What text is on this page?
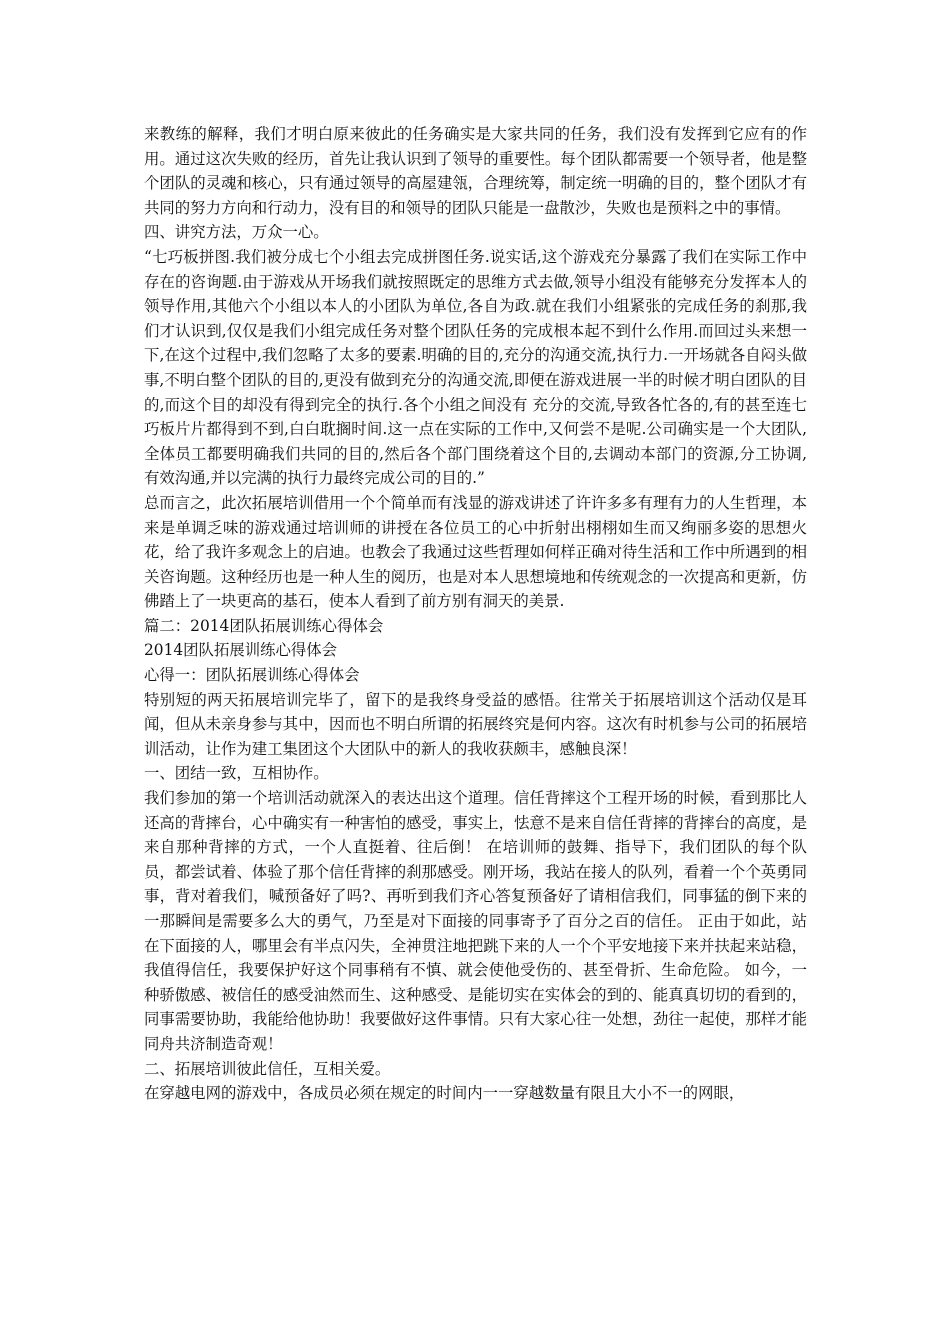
来教练的解释，我们才明白原来彼此的任务确实是大家共同的任务，我们没有发挥到它应有的作用。通过这次失败的经历，首先让我认识到了领导的重要性。每个团队都需要一个领导者，他是整个团队的灵魂和核心，只有通过领导的高屋建瓴，合理统筹，制定统一明确的目的，整个团队才有共同的努力方向和行动力，没有目的和领导的团队只能是一盘散沙，失败也是预料之中的事情。

四、讲究方法，万众一心。

“七巧板拼图.我们被分成七个小组去完成拼图任务.说实话,这个游戏充分暴露了我们在实际工作中存在的咨询题.由于游戏从开场我们就按照既定的思维方式去做,领导小组没有能够充分发挥本人的领导作用,其他六个小组以本人的小团队为单位,各自为政.就在我们小组紧张的完成任务的刹那,我们才认识到,仅仅是我们小组完成任务对整个团队任务的完成根本起不到什么作用.而回过头来想一下,在这个过程中,我们忽略了太多的要素.明确的目的,充分的沟通交流,执行力.一开场就各自闷头做事,不明白整个团队的目的,更没有做到充分的沟通交流,即便在游戏进展一半的时候才明白团队的目的,而这个目的却没有得到完全的执行.各个小组之间没有 充分的交流,导致各忙各的,有的甚至连七巧板片片都得到不到,白白耽搁时间.这一点在实际的工作中,又何尝不是呢.公司确实是一个大团队,全体员工都要明确我们共同的目的,然后各个部门围绕着这个目的,去调动本部门的资源,分工协调,有效沟通,并以完满的执行力最终完成公司的目的.”

总而言之，此次拓展培训借用一个个简单而有浅显的游戏讲述了许许多多有理有力的人生哲理，本来是单调乏味的游戏通过培训师的讲授在各位员工的心中折射出栩栩如生而又绚丽多姿的思想火花，给了我许多观念上的启迪。也教会了我通过这些哲理如何样正确对待生活和工作中所遇到的相关咨询题。这种经历也是一种人生的阅历，也是对本人思想境地和传统观念的一次提高和更新，仿佛踏上了一块更高的基石，使本人看到了前方别有洞天的美景.

篇二：2014团队拓展训练心得体会

2014团队拓展训练心得体会

心得一：团队拓展训练心得体会

特别短的两天拓展培训完毕了，留下的是我终身受益的感悟。往常关于拓展培训这个活动仅是耳闻，但从未亲身参与其中，因而也不明白所谓的拓展终究是何内容。这次有时机参与公司的拓展培训活动，让作为建工集团这个大团队中的新人的我收获颇丰，感触良深！

一、团结一致，互相协作。

我们参加的第一个培训活动就深入的表达出这个道理。信任背摔这个工程开场的时候，看到那比人还高的背摔台，心中确实有一种害怕的感受，事实上，怯意不是来自信任背摔的背摔台的高度，是来自那种背摔的方式，一个人直挺着、往后倒！ 在培训师的鼓舞、指导下，我们团队的每个队员，都尝试着、体验了那个信任背摔的刹那感受。刚开场，我站在接人的队列，看着一个个英勇同事，背对着我们，喊预备好了吗?、再听到我们齐心答复预备好了请相信我们，同事猛的倒下来的一那瞬间是需要多么大的勇气，乃至是对下面接的同事寄予了百分之百的信任。 正由于如此，站在下面接的人，哪里会有半点闪失，全神贯注地把跳下来的人一个个平安地接下来并扶起来站稳，我值得信任，我要保护好这个同事稍有不慎、就会使他受伤的、甚至骨折、生命危险。 如今，一种骄傲感、被信任的感受油然而生、这种感受、是能切实在实体会的到的、能真真切切的看到的，同事需要协助，我能给他协助！我要做好这件事情。只有大家心往一处想，劲往一起使，那样才能同舟共济制造奇观！

二、拓展培训彼此信任，互相关爱。

在穿越电网的游戏中，各成员必须在规定的时间内一一穿越数量有限且大小不一的网眼，
